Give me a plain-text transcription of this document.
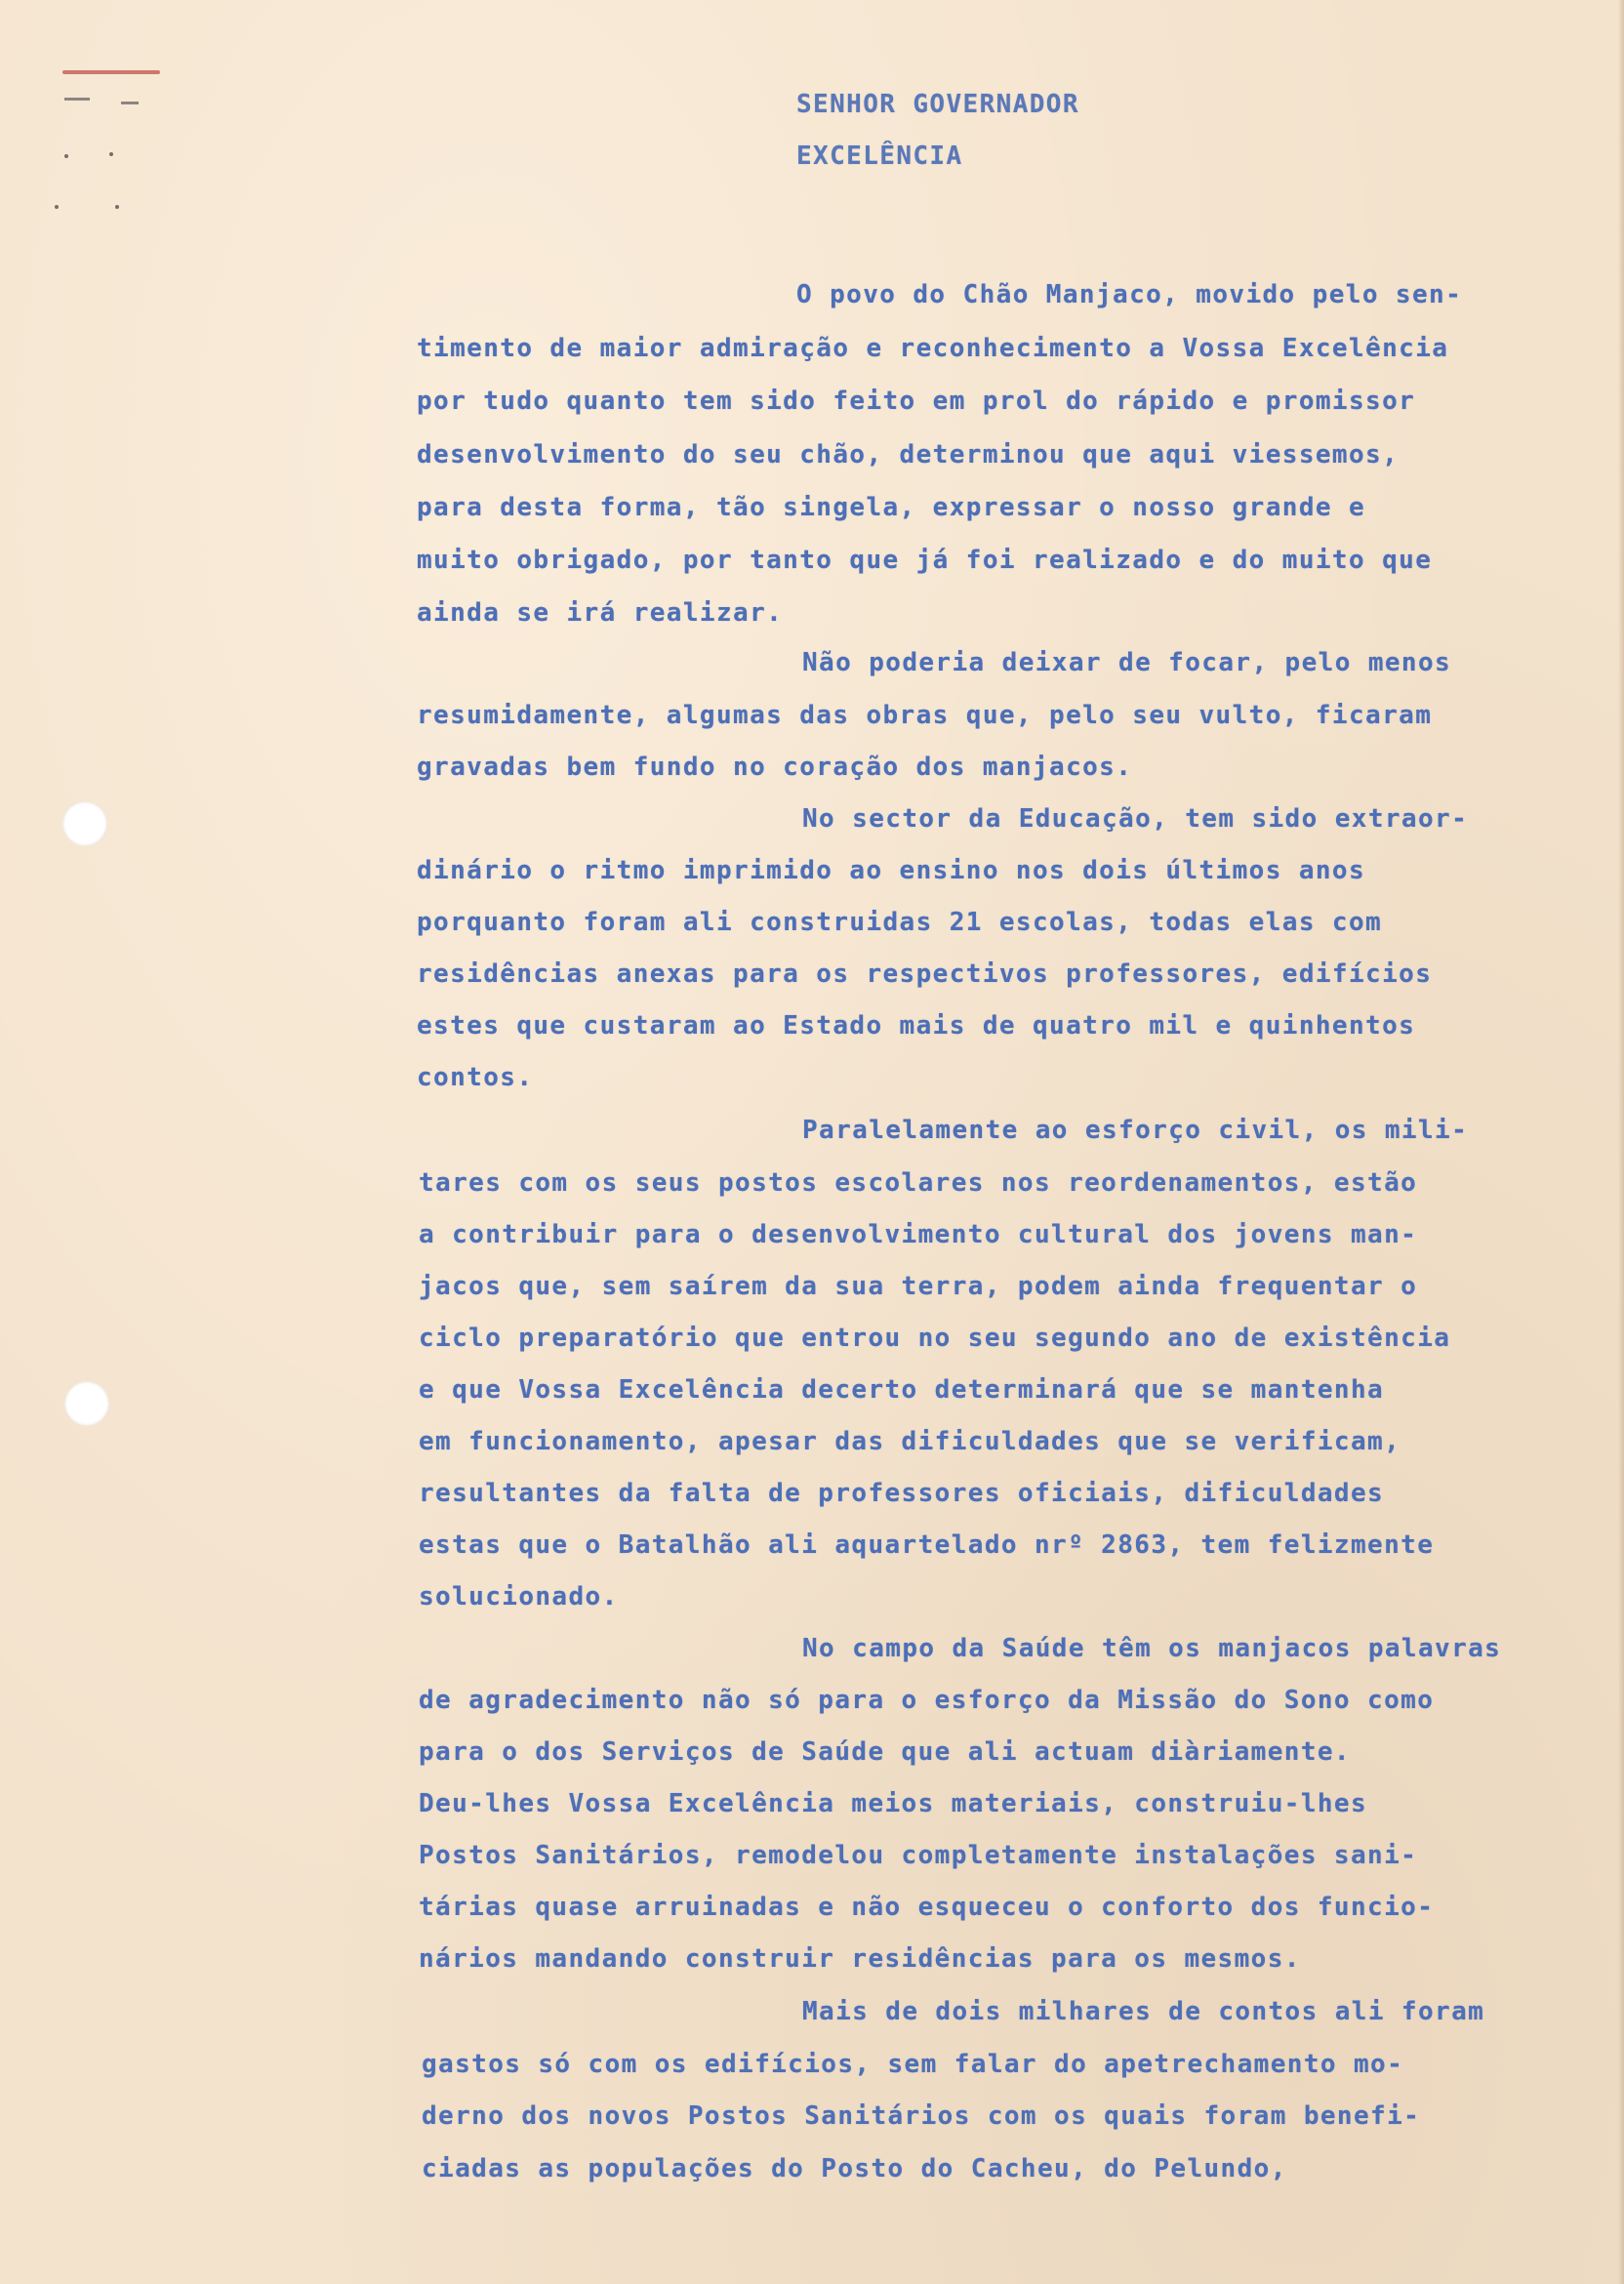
SENHOR GOVERNADOR
EXCELÊNCIA
O povo do Chão Manjaco, movido pelo sen-
timento de maior admiração e reconhecimento a Vossa Excelência
por tudo quanto tem sido feito em prol do rápido e promissor
desenvolvimento do seu chão, determinou que aqui viessemos,
para desta forma, tão singela, expressar o nosso grande e
muito obrigado, por tanto que já foi realizado e do muito que
ainda se irá realizar.
Não poderia deixar de focar, pelo menos
resumidamente, algumas das obras que, pelo seu vulto, ficaram
gravadas bem fundo no coração dos manjacos.
No sector da Educação, tem sido extraor-
dinário o ritmo imprimido ao ensino nos dois últimos anos
porquanto foram ali construidas 21 escolas, todas elas com
residências anexas para os respectivos professores, edifícios
estes que custaram ao Estado mais de quatro mil e quinhentos
contos.
Paralelamente ao esforço civil, os mili-
tares com os seus postos escolares nos reordenamentos, estão
a contribuir para o desenvolvimento cultural dos jovens man-
jacos que, sem saírem da sua terra, podem ainda frequentar o
ciclo preparatório que entrou no seu segundo ano de existência
e que Vossa Excelência decerto determinará que se mantenha
em funcionamento, apesar das dificuldades que se verificam,
resultantes da falta de professores oficiais, dificuldades
estas que o Batalhão ali aquartelado nrº 2863, tem felizmente
solucionado.
No campo da Saúde têm os manjacos palavras
de agradecimento não só para o esforço da Missão do Sono como
para o dos Serviços de Saúde que ali actuam diàriamente.
Deu-lhes Vossa Excelência meios materiais, construiu-lhes
Postos Sanitários, remodelou completamente instalações sani-
tárias quase arruinadas e não esqueceu o conforto dos funcio-
nários mandando construir residências para os mesmos.
Mais de dois milhares de contos ali foram
gastos só com os edifícios, sem falar do apetrechamento mo-
derno dos novos Postos Sanitários com os quais foram benefi-
ciadas as populações do Posto do Cacheu, do Pelundo,
